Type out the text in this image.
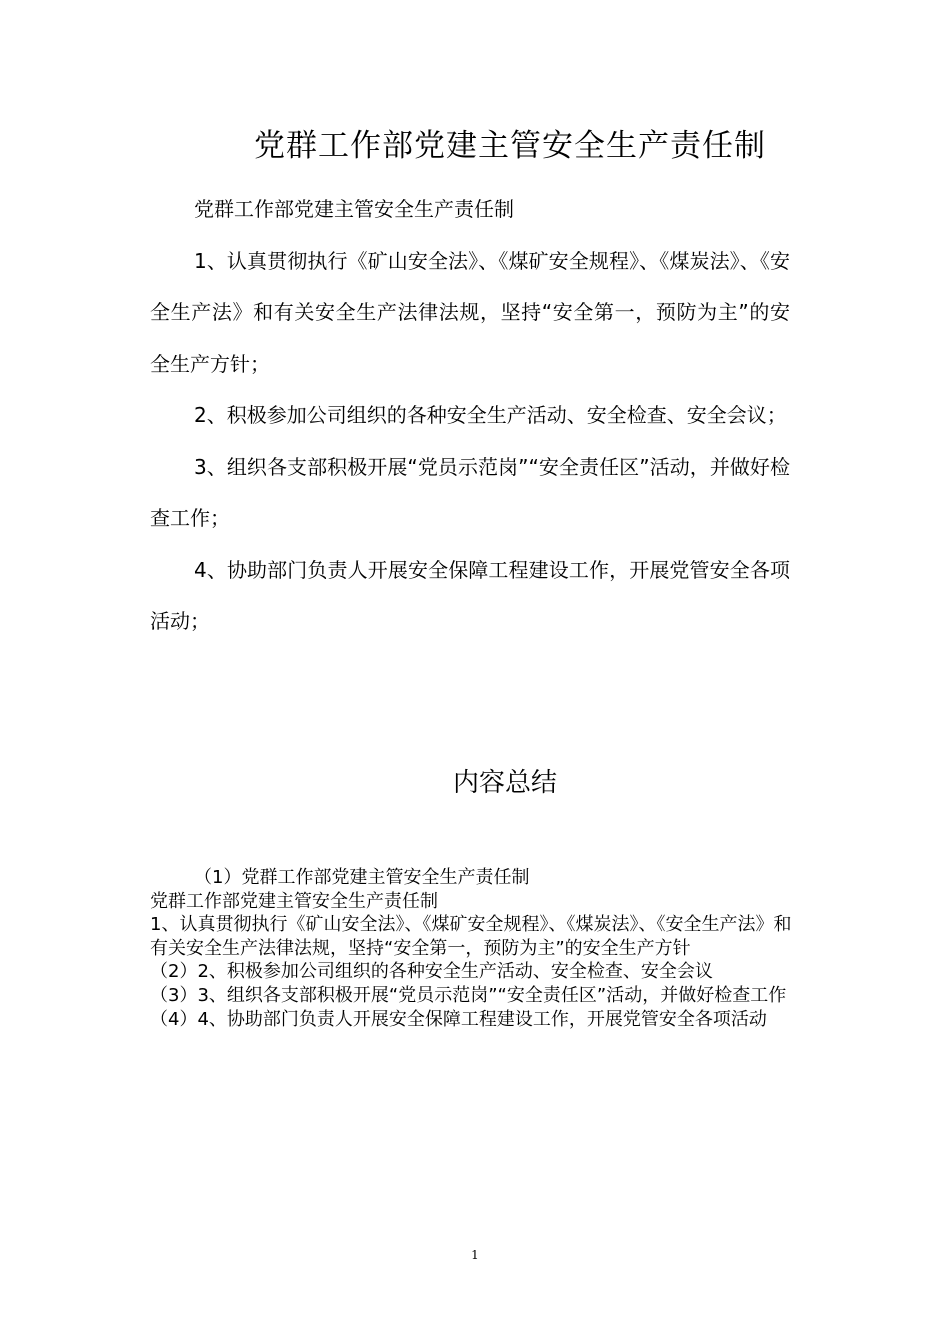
党群工作部党建主管安全生产责任制

党群工作部党建主管安全生产责任制

1、认真贯彻执行《矿山安全法》、《煤矿安全规程》、《煤炭法》、《安全生产法》和有关安全生产法律法规，坚持“安全第一，预防为主”的安全生产方针；

2、积极参加公司组织的各种安全生产活动、安全检查、安全会议；

3、组织各支部积极开展“党员示范岗”“安全责任区”活动，并做好检查工作；

4、协助部门负责人开展安全保障工程建设工作，开展党管安全各项活动；

内容总结
（1）党群工作部党建主管安全生产责任制
党群工作部党建主管安全生产责任制
1、认真贯彻执行《矿山安全法》、《煤矿安全规程》、《煤炭法》、《安全生产法》和有关安全生产法律法规，坚持“安全第一，预防为主”的安全生产方针
（2）2、积极参加公司组织的各种安全生产活动、安全检查、安全会议
（3）3、组织各支部积极开展“党员示范岗”“安全责任区”活动，并做好检查工作
（4）4、协助部门负责人开展安全保障工程建设工作，开展党管安全各项活动
1
